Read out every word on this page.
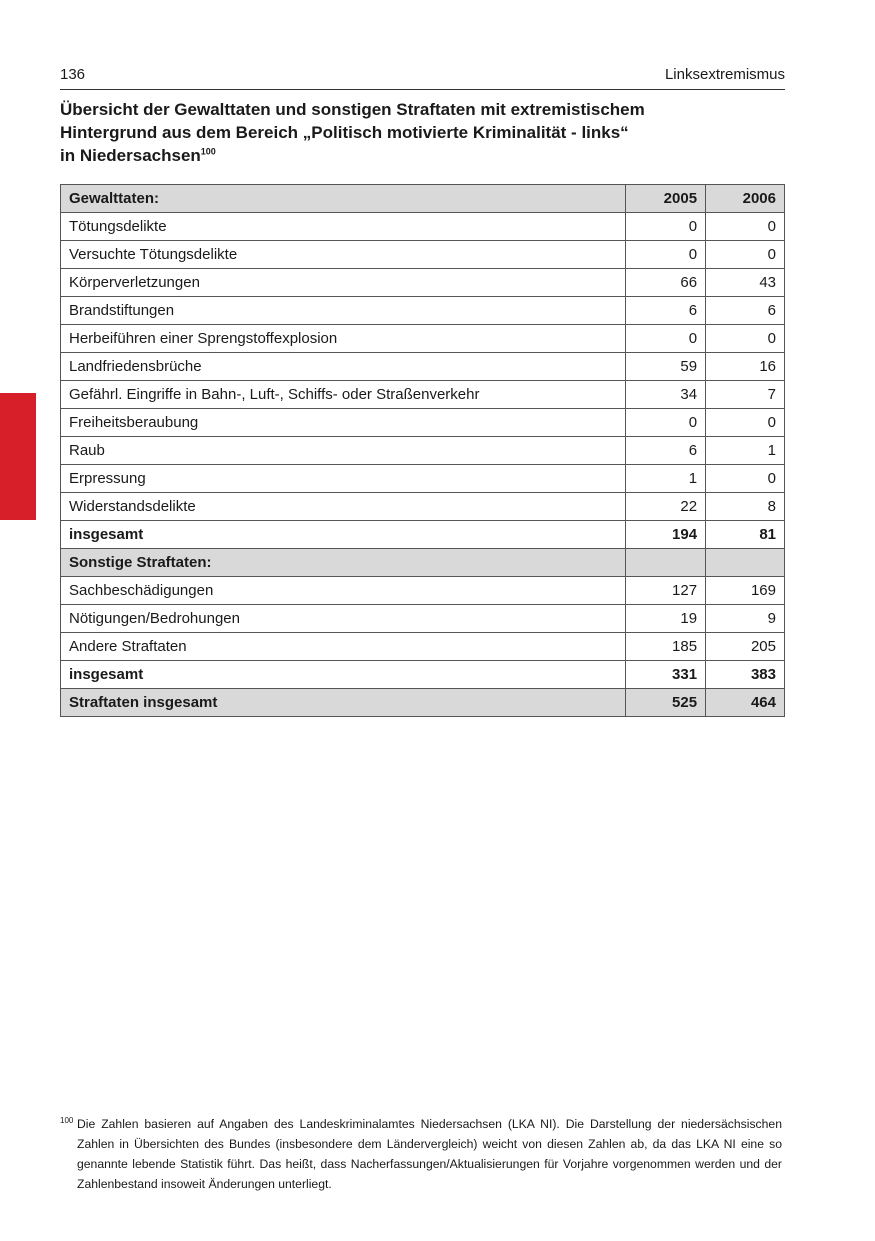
136	Linksextremismus
Übersicht der Gewalttaten und sonstigen Straftaten mit extremistischem
Hintergrund aus dem Bereich „Politisch motivierte Kriminalität - links“
in Niedersachsen$^{100}$
Gewalttaten:	2005	2006
Tötungsdelikte	0	0
Versuchte Tötungsdelikte	0	0
Körperverletzungen	66	43
Brandstiftungen	6	6
Herbeiführen einer Sprengstoffexplosion	0	0
Landfriedensbrüche	59	16
Gefährl. Eingriffe in Bahn-, Luft-, Schiffs- oder Straßenverkehr	34	7
Freiheitsberaubung	0	0
Raub	6	1
Erpressung	1	0
Widerstandsdelikte	22	8
insgesamt	194	81
Sonstige Straftaten:		
Sachbeschädigungen	127	169
Nötigungen/Bedrohungen	19	9
Andere Straftaten	185	205
insgesamt	331	383
Straftaten insgesamt	525	464
100 Die Zahlen basieren auf Angaben des Landeskriminalamtes Niedersachsen (LKA NI). Die Darstellung der niedersächsischen Zahlen in Übersichten des Bundes (insbesondere dem Ländervergleich) weicht von diesen Zahlen ab, da das LKA NI eine so genannte lebende Statistik führt. Das heißt, dass Nacherfassungen/Aktualisierungen für Vorjahre vorgenommen werden und der Zahlenbestand insoweit Änderungen unterliegt.
